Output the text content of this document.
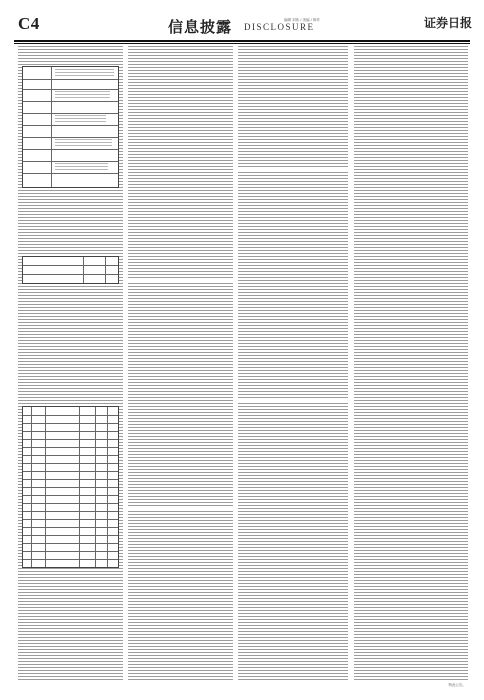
C4	信息披露 DISCLOSURE
编辑 刘伟 / 美编 / 制作	证券日报
特此公告。
